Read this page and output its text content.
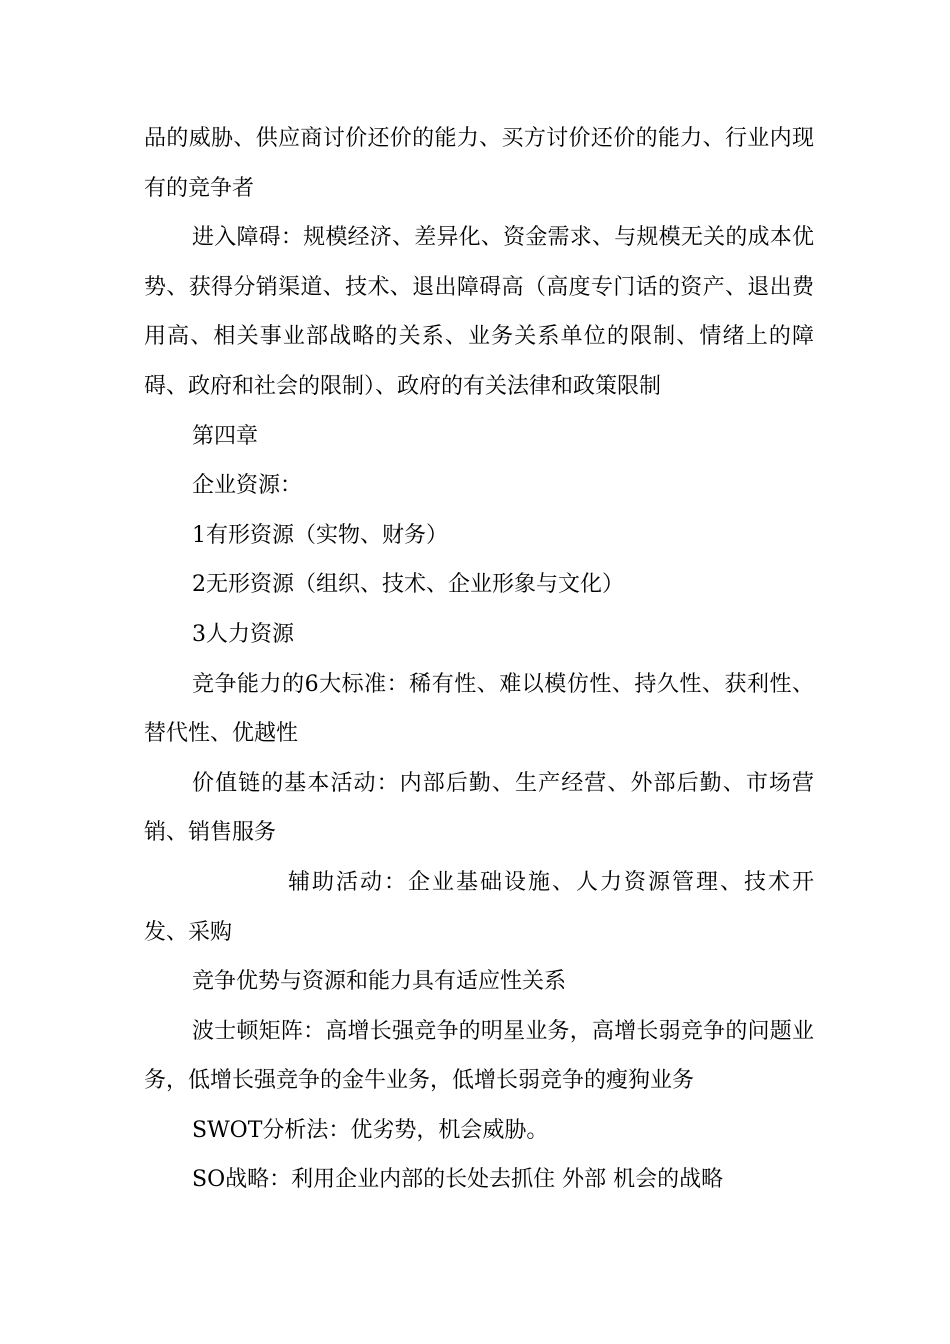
品的威胁、供应商讨价还价的能力、买方讨价还价的能力、行业内现有的竞争者

进入障碍：规模经济、差异化、资金需求、与规模无关的成本优势、获得分销渠道、技术、退出障碍高（高度专门话的资产、退出费用高、相关事业部战略的关系、业务关系单位的限制、情绪上的障碍、政府和社会的限制）、政府的有关法律和政策限制

第四章

企业资源：

1有形资源（实物、财务）

2无形资源（组织、技术、企业形象与文化）

3人力资源

竞争能力的6大标准：稀有性、难以模仿性、持久性、获利性、替代性、优越性

价值链的基本活动：内部后勤、生产经营、外部后勤、市场营销、销售服务

辅助活动：企业基础设施、人力资源管理、技术开发、采购

竞争优势与资源和能力具有适应性关系

波士顿矩阵：高增长强竞争的明星业务，高增长弱竞争的问题业务，低增长强竞争的金牛业务，低增长弱竞争的瘦狗业务

SWOT分析法：优劣势，机会威胁。

SO战略：利用企业内部的长处去抓住 外部 机会的战略
